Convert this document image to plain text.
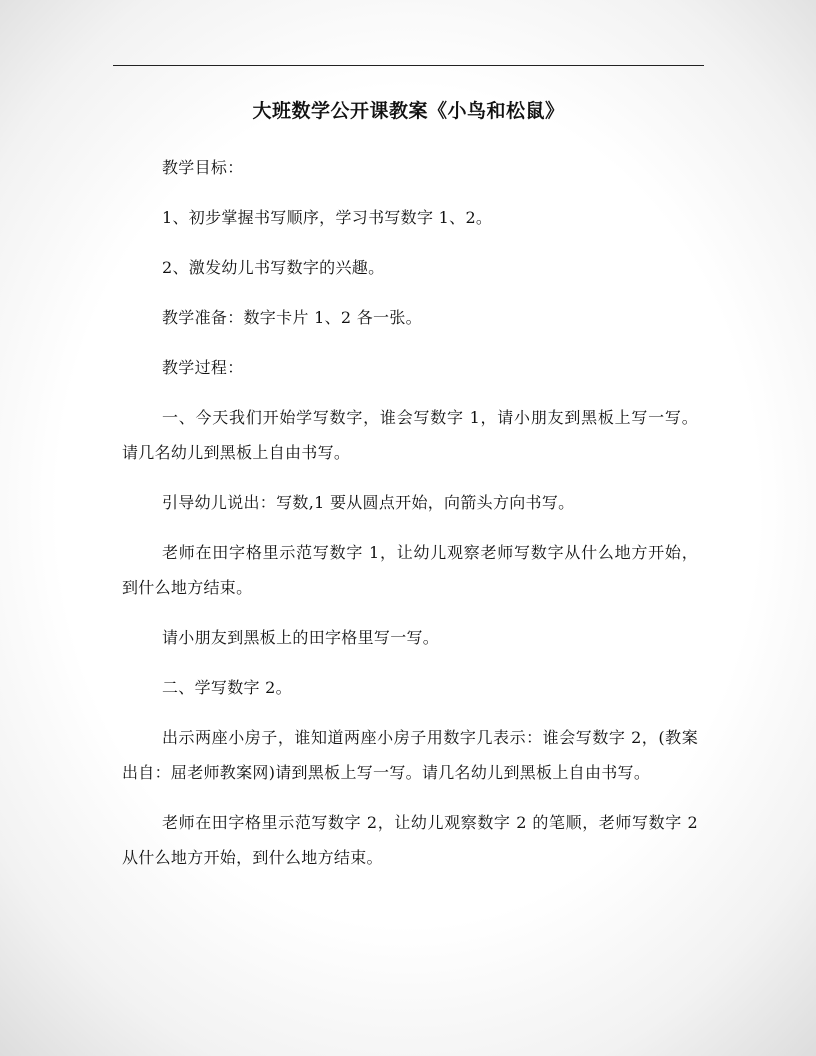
大班数学公开课教案《小鸟和松鼠》

教学目标：

1、初步掌握书写顺序，学习书写数字 1、2。

2、激发幼儿书写数字的兴趣。

教学准备：数字卡片 1、2 各一张。

教学过程：

一、今天我们开始学写数字，谁会写数字 1，请小朋友到黑板上写一写。请几名幼儿到黑板上自由书写。

引导幼儿说出：写数,1 要从圆点开始，向箭头方向书写。

老师在田字格里示范写数字 1，让幼儿观察老师写数字从什么地方开始，到什么地方结束。

请小朋友到黑板上的田字格里写一写。

二、学写数字 2。

出示两座小房子，谁知道两座小房子用数字几表示：谁会写数字 2，(教案出自：屈老师教案网)请到黑板上写一写。请几名幼儿到黑板上自由书写。

老师在田字格里示范写数字 2，让幼儿观察数字 2 的笔顺，老师写数字 2 从什么地方开始，到什么地方结束。
